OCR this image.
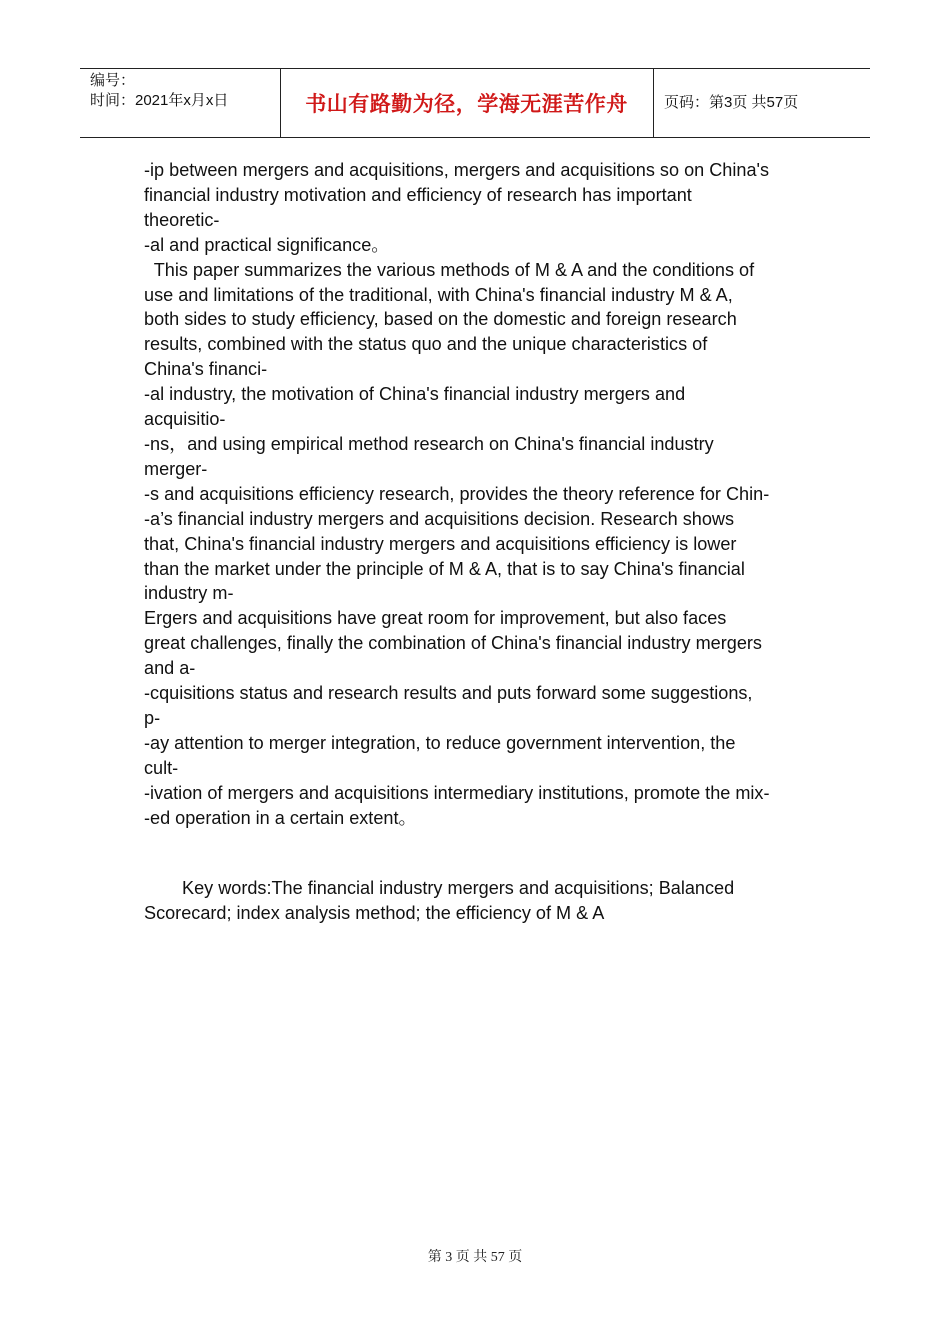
编号：
时间：2021年x月x日	书山有路勤为径，学海无涯苦作舟 页码：第3页 共57页

-ip between mergers and acquisitions, mergers and acquisitions so on China's

financial industry motivation and efficiency of research has important

theoretic-

-al and practical significance。

This paper summarizes the various methods of M & A and the conditions of

use and limitations of the traditional, with China's financial industry M & A,

both sides to study efficiency, based on the domestic and foreign research

results, combined with the status quo and the unique characteristics of

China's financi-

-al industry, the motivation of China's financial industry mergers and

acquisitio-

-ns，and using empirical method research on China's financial industry

merger-

-s and acquisitions efficiency research, provides the theory reference for Chin-

-a’s financial industry mergers and acquisitions decision. Research shows

that, China's financial industry mergers and acquisitions efficiency is lower

than the market under the principle of M & A, that is to say China's financial

industry m-

Ergers and acquisitions have great room for improvement, but also faces

great challenges, finally the combination of China's financial industry mergers

and a-

-cquisitions status and research results and puts forward some suggestions,

p-

-ay attention to merger integration, to reduce government intervention, the

cult-

-ivation of mergers and acquisitions intermediary institutions, promote the mix-

-ed operation in a certain extent。

Key words:The financial industry mergers and acquisitions; Balanced

Scorecard; index analysis method; the efficiency of M & A

第 3 页 共 57 页
